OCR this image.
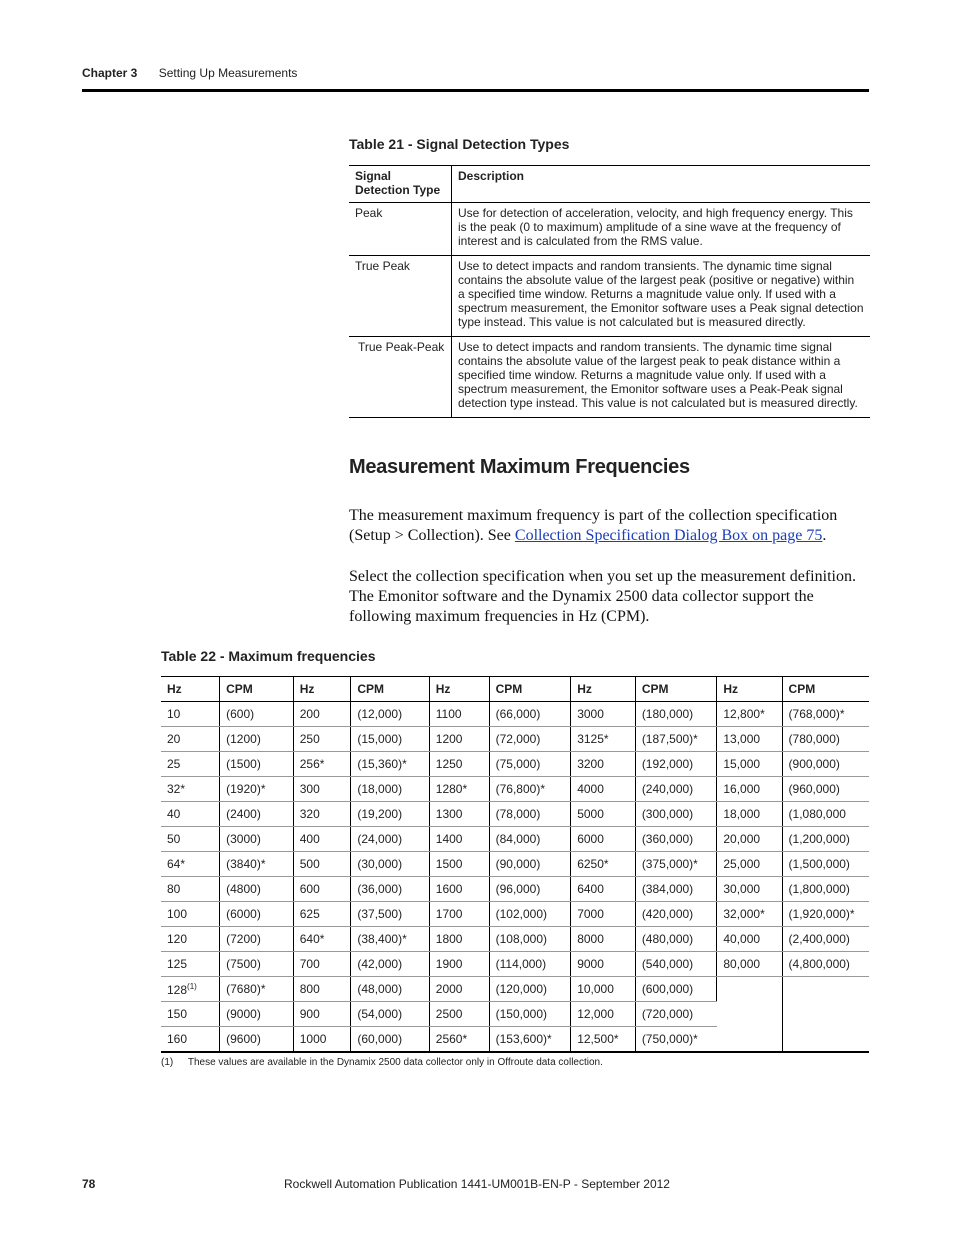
Chapter 3 Setting Up Measurements
Table 21 - Signal Detection Types
Signal Detection Type	Description
Peak	Use for detection of acceleration, velocity, and high frequency energy. This is the peak (0 to maximum) amplitude of a sine wave at the frequency of interest and is calculated from the RMS value.
True Peak	Use to detect impacts and random transients. The dynamic time signal contains the absolute value of the largest peak (positive or negative) within a specified time window. Returns a magnitude value only. If used with a spectrum measurement, the Emonitor software uses a Peak signal detection type instead. This value is not calculated but is measured directly.
True Peak-Peak	Use to detect impacts and random transients. The dynamic time signal contains the absolute value of the largest peak to peak distance within a specified time window. Returns a magnitude value only. If used with a spectrum measurement, the Emonitor software uses a Peak-Peak signal detection type instead. This value is not calculated but is measured directly.
Measurement Maximum Frequencies

The measurement maximum frequency is part of the collection specification (Setup > Collection). See Collection Specification Dialog Box on page 75.

Select the collection specification when you set up the measurement definition. The Emonitor software and the Dynamix 2500 data collector support the following maximum frequencies in Hz (CPM).

Table 22 - Maximum frequencies
Hz	CPM	Hz	CPM	Hz	CPM	Hz	CPM	Hz	CPM
10	(600)	200	(12,000)	1100	(66,000)	3000	(180,000)	12,800*	(768,000)*
20	(1200)	250	(15,000)	1200	(72,000)	3125*	(187,500)*	13,000	(780,000)
25	(1500)	256*	(15,360)*	1250	(75,000)	3200	(192,000)	15,000	(900,000)
32*	(1920)*	300	(18,000)	1280*	(76,800)*	4000	(240,000)	16,000	(960,000)
40	(2400)	320	(19,200)	1300	(78,000)	5000	(300,000)	18,000	(1,080,000
50	(3000)	400	(24,000)	1400	(84,000)	6000	(360,000)	20,000	(1,200,000)
64*	(3840)*	500	(30,000)	1500	(90,000)	6250*	(375,000)*	25,000	(1,500,000)
80	(4800)	600	(36,000)	1600	(96,000)	6400	(384,000)	30,000	(1,800,000)
100	(6000)	625	(37,500)	1700	(102,000)	7000	(420,000)	32,000*	(1,920,000)*
120	(7200)	640*	(38,400)*	1800	(108,000)	8000	(480,000)	40,000	(2,400,000)
125	(7500)	700	(42,000)	1900	(114,000)	9000	(540,000)	80,000	(4,800,000)
128$^{(1)}$	(7680)*	800	(48,000)	2000	(120,000)	10,000	(600,000)		
150	(9000)	900	(54,000)	2500	(150,000)	12,000	(720,000)		
160	(9600)	1000	(60,000)	2560*	(153,600)*	12,500*	(750,000)*		
(1) These values are available in the Dynamix 2500 data collector only in Offroute data collection.
78	Rockwell Automation Publication 1441-UM001B-EN-P - September 2012
